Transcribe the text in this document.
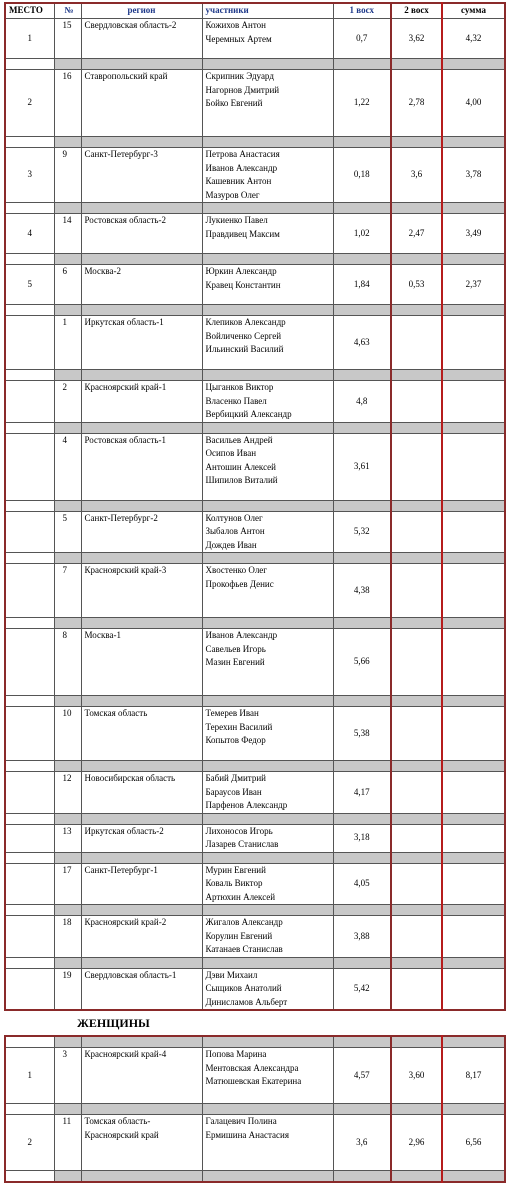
МЕСТО	№	регион	участники	1 восх	2 восх	сумма
1	15	Свердловская область-2	Кожихов Антон
Черемных Артем	0,7	3,62	4,32

2	16	Ставропольский край	Скрипник Эдуард
Нагорнов Дмитрий
Бойко Евгений	1,22	2,78	4,00

3	9	Санкт-Петербург-3	Петрова Анастасия
Иванов Александр
Кашевник Антон
Мазуров Олег	0,18	3,6	3,78

4	14	Ростовская область-2	Лукиенко Павел
Правдивец Максим	1,02	2,47	3,49

5	6	Москва-2	Юркин Александр
Кравец Константин	1,84	0,53	2,37

	1	Иркутская область-1	Клепиков Александр
Войличенко Сергей
Ильинский Василий	4,63		

	2	Красноярский край-1	Цыганков Виктор
Власенко Павел
Вербицкий Александр	4,8		

	4	Ростовская область-1	Васильев Андрей
Осипов Иван
Антошин Алексей
Шипилов Виталий	3,61		

	5	Санкт-Петербург-2	Колтунов Олег
Зыбалов Антон
Дождев Иван	5,32		

	7	Красноярский край-3	Хвостенко Олег
Прокофьев Денис	4,38		

	8	Москва-1	Иванов Александр
Савельев Игорь
Мазин Евгений	5,66		

	10	Томская область	Темерев Иван
Терехин Василий
Копытов Федор	5,38		

	12	Новосибирская область	Бабий Дмитрий
Бараусов Иван
Парфенов Александр	4,17		

	13	Иркутская область-2	Лихоносов Игорь
Лазарев Станислав	3,18		

	17	Санкт-Петербург-1	Мурин Евгений
Коваль Виктор
Артюхин Алексей	4,05		

	18	Красноярский край-2	Жигалов Александр
Корулин Евгений
Катанаев Станислав	3,88		

	19	Свердловская область-1	Дэви Михаил
Сыщиков Анатолий
Динисламов Альберт	5,42		
ЖЕНЩИНЫ

1	3	Красноярский край-4	Попова Марина
Ментовская Александра
Матюшевская Екатерина	4,57	3,60	8,17

2	11	Томская область-
Красноярский край	Галацевич Полина
Ермишина Анастасия	3,6	2,96	6,56
